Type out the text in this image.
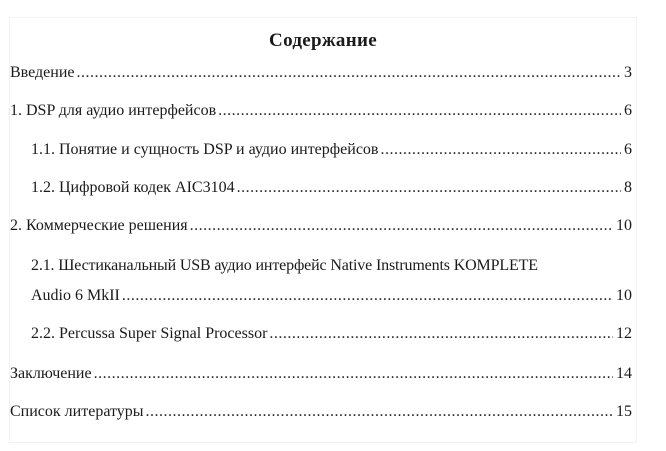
Содержание
Введение .....	3
1. DSP для аудио интерфейсов .....	6
1.1. Понятие и сущность DSP и аудио интерфейсов .....	6
1.2. Цифровой кодек AIC3104 .....	8
2. Коммерческие решения .....	10
2.1. Шестиканальный USB аудио интерфейс Native Instruments KOMPLETE
Audio 6 MkII .....	10
2.2. Percussa Super Signal Processor .....	12
Заключение .....	14
Список литературы .....	15
